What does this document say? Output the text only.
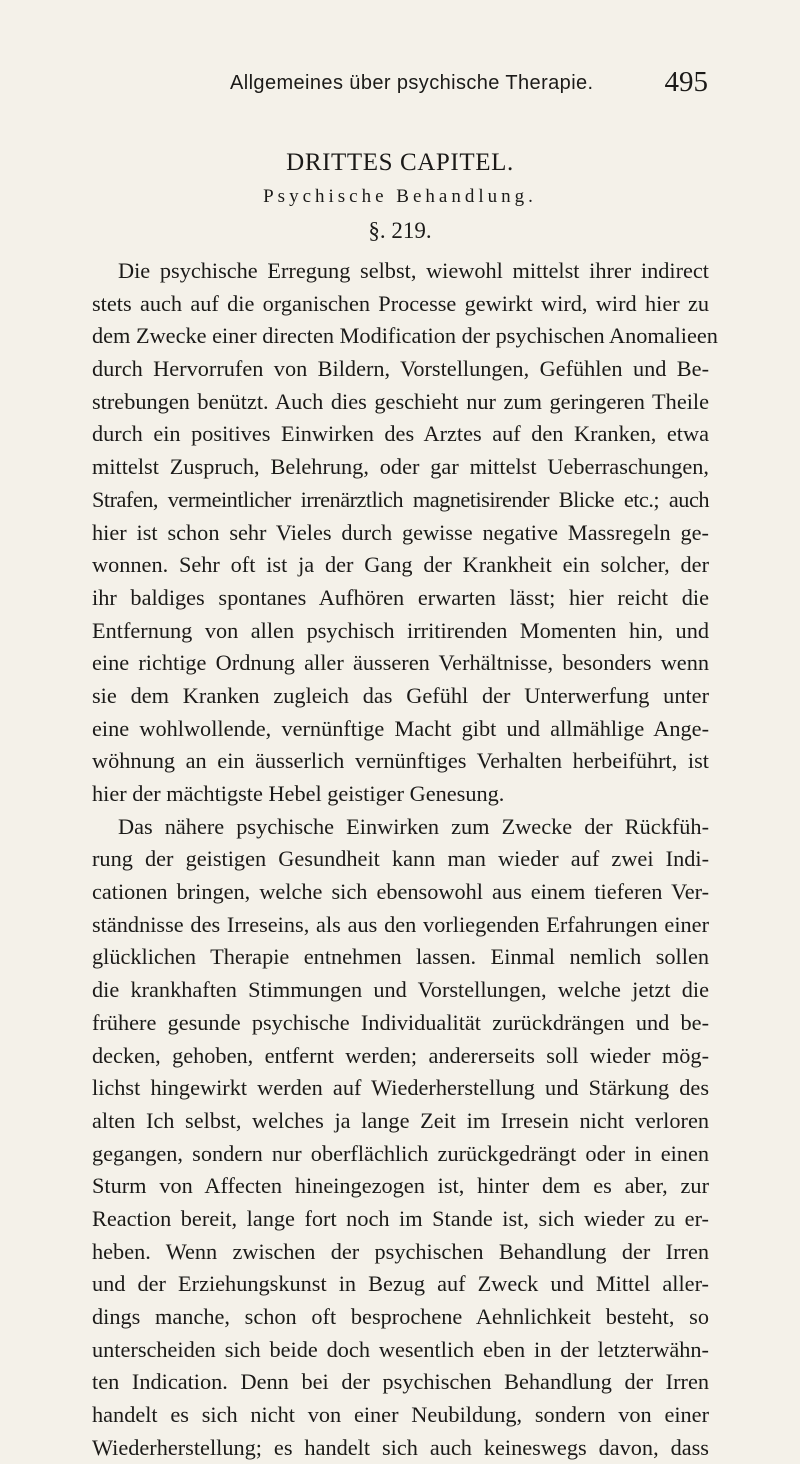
Allgemeines über psychische Therapie. 495
DRITTES CAPITEL.
Psychische Behandlung.
§. 219.
Die psychische Erregung selbst, wiewohl mittelst ihrer indirect
stets auch auf die organischen Processe gewirkt wird, wird hier zu
dem Zwecke einer directen Modification der psychischen Anomalieen
durch Hervorrufen von Bildern, Vorstellungen, Gefühlen und Be-
strebungen benützt. Auch dies geschieht nur zum geringeren Theile
durch ein positives Einwirken des Arztes auf den Kranken, etwa
mittelst Zuspruch, Belehrung, oder gar mittelst Ueberraschungen,
Strafen, vermeintlicher irrenärztlich magnetisirender Blicke etc.; auch
hier ist schon sehr Vieles durch gewisse negative Massregeln ge-
wonnen. Sehr oft ist ja der Gang der Krankheit ein solcher, der
ihr baldiges spontanes Aufhören erwarten lässt; hier reicht die
Entfernung von allen psychisch irritirenden Momenten hin, und
eine richtige Ordnung aller äusseren Verhältnisse, besonders wenn
sie dem Kranken zugleich das Gefühl der Unterwerfung unter
eine wohlwollende, vernünftige Macht gibt und allmählige Ange-
wöhnung an ein äusserlich vernünftiges Verhalten herbeiführt, ist
hier der mächtigste Hebel geistiger Genesung.
Das nähere psychische Einwirken zum Zwecke der Rückfüh-
rung der geistigen Gesundheit kann man wieder auf zwei Indi-
cationen bringen, welche sich ebensowohl aus einem tieferen Ver-
ständnisse des Irreseins, als aus den vorliegenden Erfahrungen einer
glücklichen Therapie entnehmen lassen. Einmal nemlich sollen
die krankhaften Stimmungen und Vorstellungen, welche jetzt die
frühere gesunde psychische Individualität zurückdrängen und be-
decken, gehoben, entfernt werden; andererseits soll wieder mög-
lichst hingewirkt werden auf Wiederherstellung und Stärkung des
alten Ich selbst, welches ja lange Zeit im Irresein nicht verloren
gegangen, sondern nur oberflächlich zurückgedrängt oder in einen
Sturm von Affecten hineingezogen ist, hinter dem es aber, zur
Reaction bereit, lange fort noch im Stande ist, sich wieder zu er-
heben. Wenn zwischen der psychischen Behandlung der Irren
und der Erziehungskunst in Bezug auf Zweck und Mittel aller-
dings manche, schon oft besprochene Aehnlichkeit besteht, so
unterscheiden sich beide doch wesentlich eben in der letzterwähn-
ten Indication. Denn bei der psychischen Behandlung der Irren
handelt es sich nicht von einer Neubildung, sondern von einer
Wiederherstellung; es handelt sich auch keineswegs davon, dass
